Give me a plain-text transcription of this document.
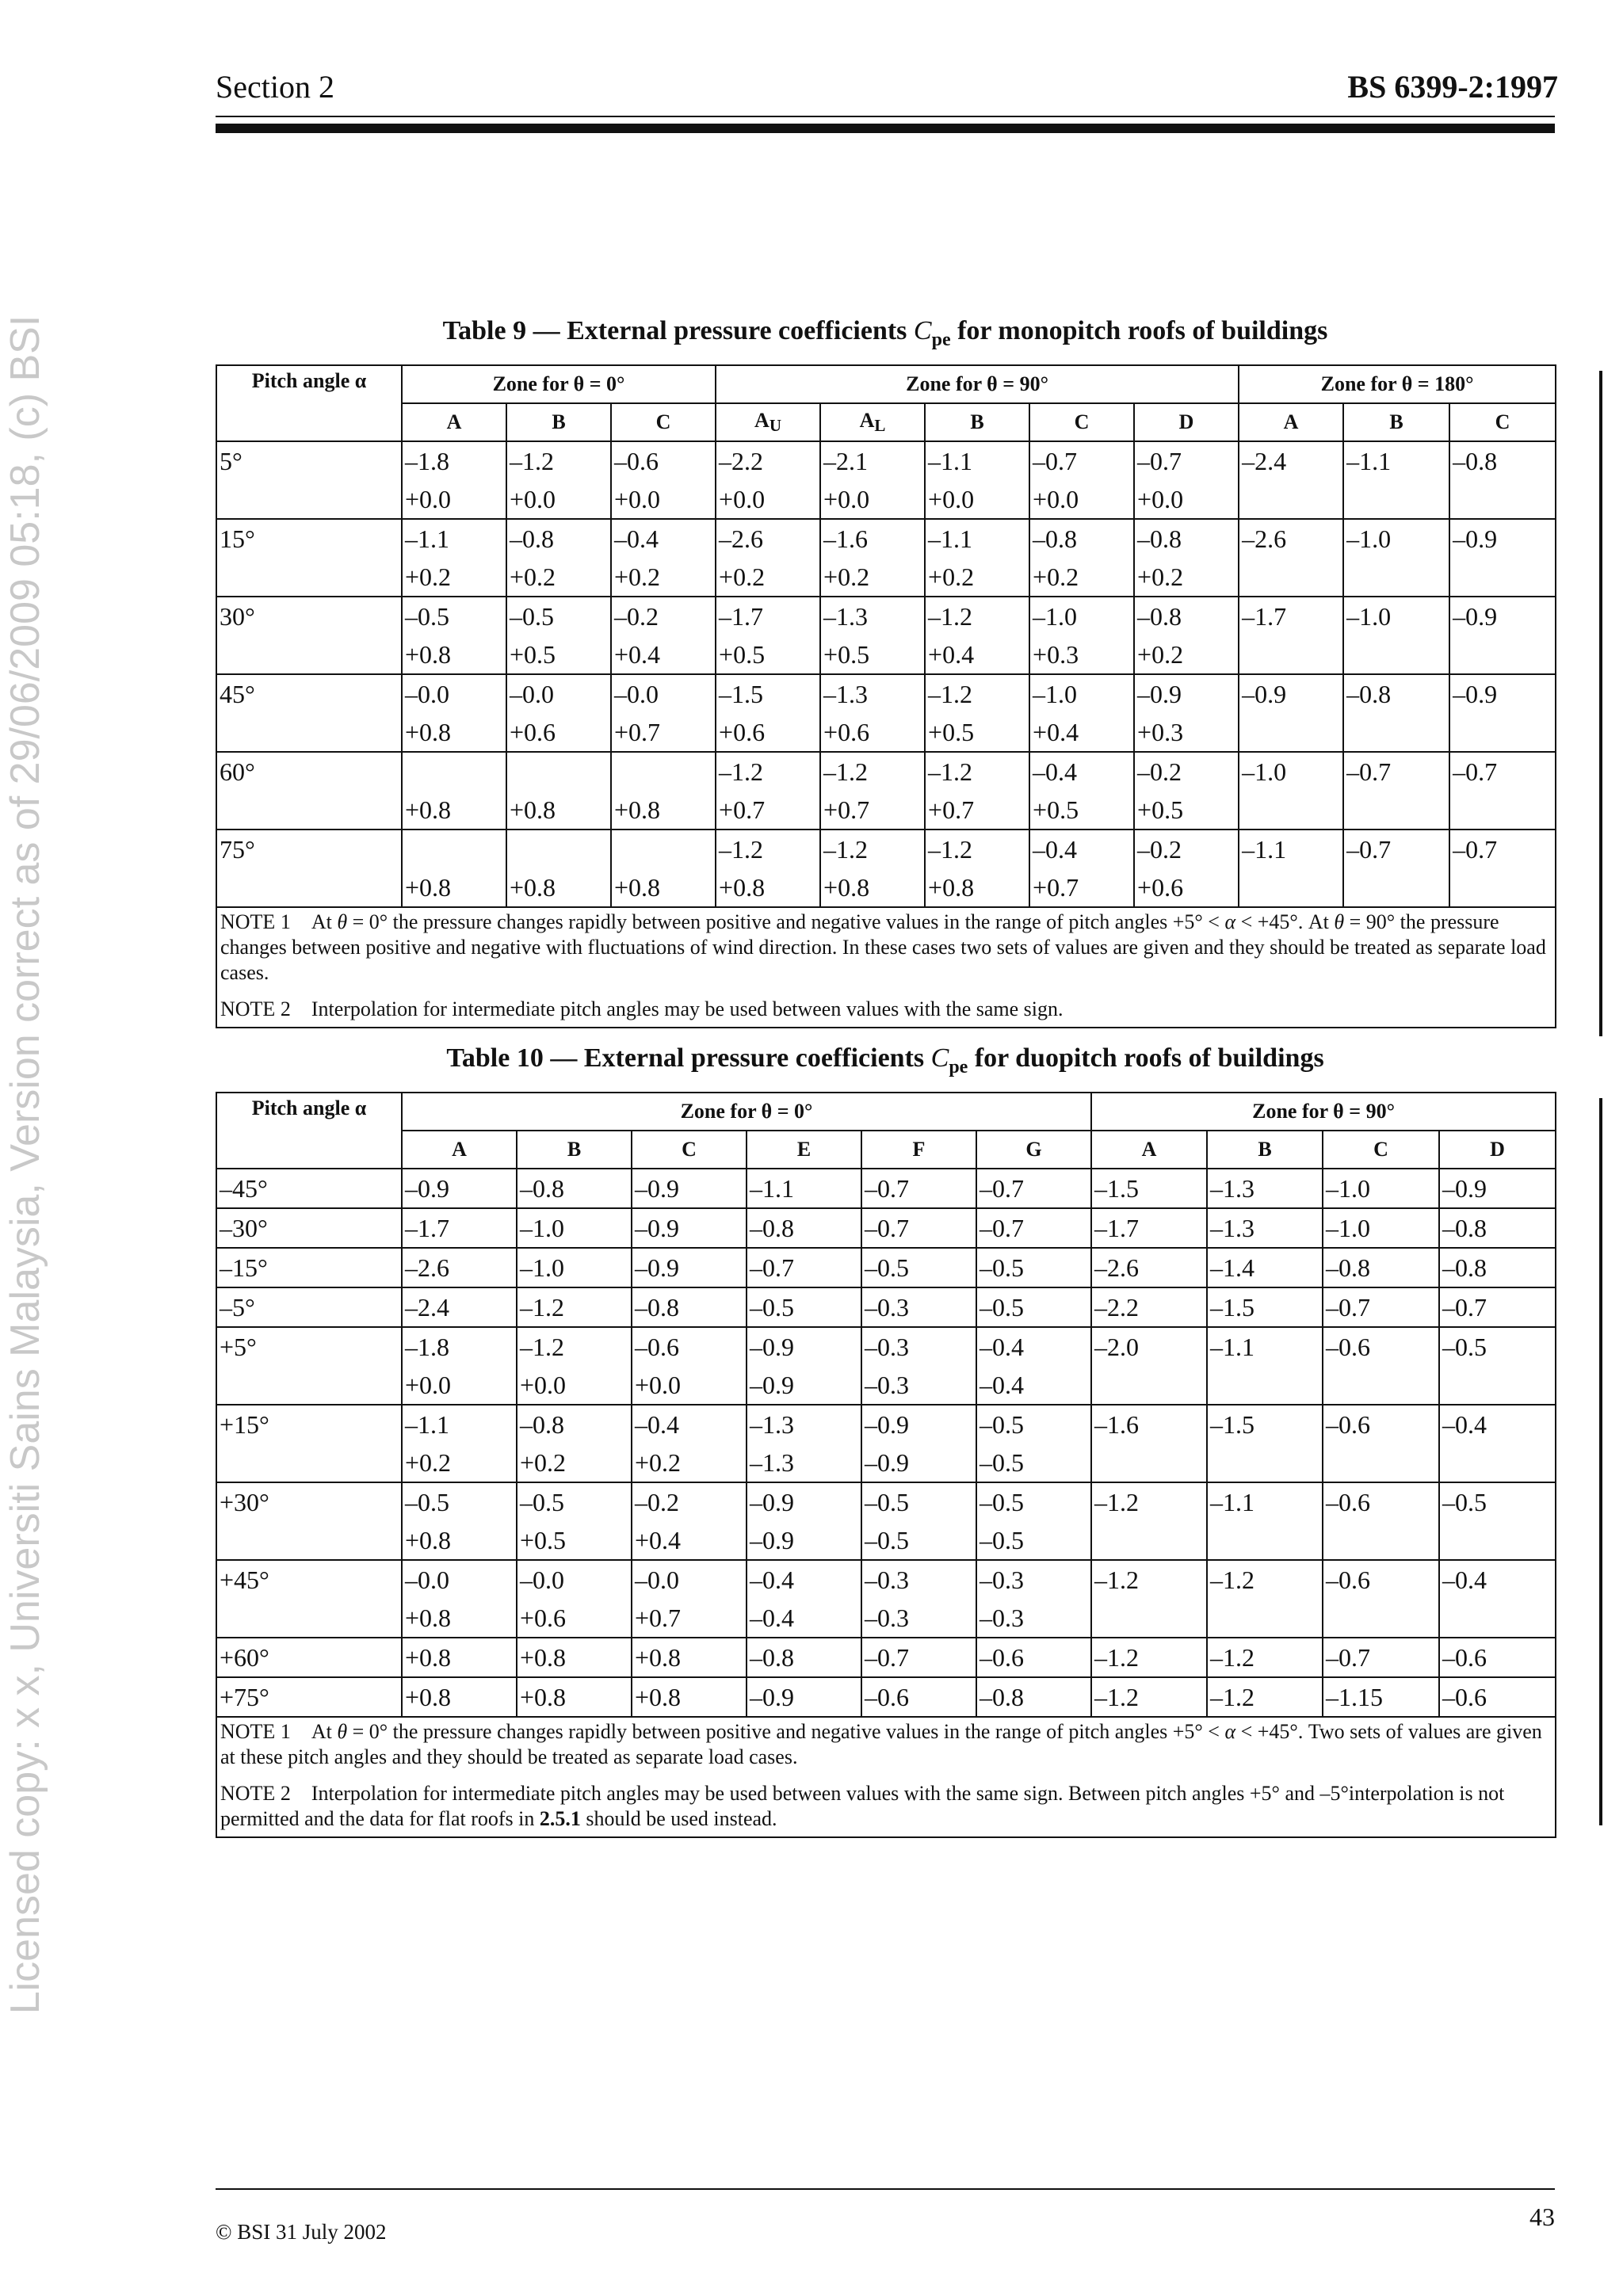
Section 2	BS 6399-2:1997
Licensed copy: x x, Universiti Sains Malaysia, Version correct as of 29/06/2009 05:18, (c) BSI	Table 9 — External pressure coefficients $C_{pe}$ for monopitch roofs of buildings
Pitch angle α	Zone for θ = 0°			Zone for θ = 90°					Zone for θ = 180°		
	A	B	C	AU	AL	B	C	D	A	B	C
5°	–1.8	–1.2	–0.6	–2.2	–2.1	–1.1	–0.7	–0.7	–2.4	–1.1	–0.8
	+0.0	+0.0	+0.0	+0.0	+0.0	+0.0	+0.0	+0.0			
15°	–1.1	–0.8	–0.4	–2.6	–1.6	–1.1	–0.8	–0.8	–2.6	–1.0	–0.9
	+0.2	+0.2	+0.2	+0.2	+0.2	+0.2	+0.2	+0.2			
30°	–0.5	–0.5	–0.2	–1.7	–1.3	–1.2	–1.0	–0.8	–1.7	–1.0	–0.9
	+0.8	+0.5	+0.4	+0.5	+0.5	+0.4	+0.3	+0.2			
45°	–0.0	–0.0	–0.0	–1.5	–1.3	–1.2	–1.0	–0.9	–0.9	–0.8	–0.9
	+0.8	+0.6	+0.7	+0.6	+0.6	+0.5	+0.4	+0.3			
60°				–1.2	–1.2	–1.2	–0.4	–0.2	–1.0	–0.7	–0.7
	+0.8	+0.8	+0.8	+0.7	+0.7	+0.7	+0.5	+0.5			
75°				–1.2	–1.2	–1.2	–0.4	–0.2	–1.1	–0.7	–0.7
	+0.8	+0.8	+0.8	+0.8	+0.8	+0.8	+0.7	+0.6			

NOTE 1 At θ = 0° the pressure changes rapidly between positive and negative values in the range of pitch angles +5° < α < +45°. At θ = 90° the pressure changes between positive and negative with fluctuations of wind direction. In these cases two sets of values are given and they should be treated as separate load cases.

NOTE 2 Interpolation for intermediate pitch angles may be used between values with the same sign.											

Table 10 — External pressure coefficients $C_{pe}$ for duopitch roofs of buildings
Pitch angle α	Zone for θ = 0°						Zone for θ = 90°			
	A	B	C	E	F	G	A	B	C	D
–45°	–0.9	–0.8	–0.9	–1.1	–0.7	–0.7	–1.5	–1.3	–1.0	–0.9
–30°	–1.7	–1.0	–0.9	–0.8	–0.7	–0.7	–1.7	–1.3	–1.0	–0.8
–15°	–2.6	–1.0	–0.9	–0.7	–0.5	–0.5	–2.6	–1.4	–0.8	–0.8
–5°	–2.4	–1.2	–0.8	–0.5	–0.3	–0.5	–2.2	–1.5	–0.7	–0.7
+5°	–1.8	–1.2	–0.6	–0.9	–0.3	–0.4	–2.0	–1.1	–0.6	–0.5
	+0.0	+0.0	+0.0	–0.9	–0.3	–0.4				
+15°	–1.1	–0.8	–0.4	–1.3	–0.9	–0.5	–1.6	–1.5	–0.6	–0.4
	+0.2	+0.2	+0.2	–1.3	–0.9	–0.5				
+30°	–0.5	–0.5	–0.2	–0.9	–0.5	–0.5	–1.2	–1.1	–0.6	–0.5
	+0.8	+0.5	+0.4	–0.9	–0.5	–0.5				
+45°	–0.0	–0.0	–0.0	–0.4	–0.3	–0.3	–1.2	–1.2	–0.6	–0.4
	+0.8	+0.6	+0.7	–0.4	–0.3	–0.3				
+60°	+0.8	+0.8	+0.8	–0.8	–0.7	–0.6	–1.2	–1.2	–0.7	–0.6
+75°	+0.8	+0.8	+0.8	–0.9	–0.6	–0.8	–1.2	–1.2	–1.15	–0.6

NOTE 1 At θ = 0° the pressure changes rapidly between positive and negative values in the range of pitch angles +5° < α < +45°. Two sets of values are given at these pitch angles and they should be treated as separate load cases.

NOTE 2 Interpolation for intermediate pitch angles may be used between values with the same sign. Between pitch angles +5° and –5°interpolation is not permitted and the data for flat roofs in 2.5.1 should be used instead.										

© BSI 31 July 2002
43
